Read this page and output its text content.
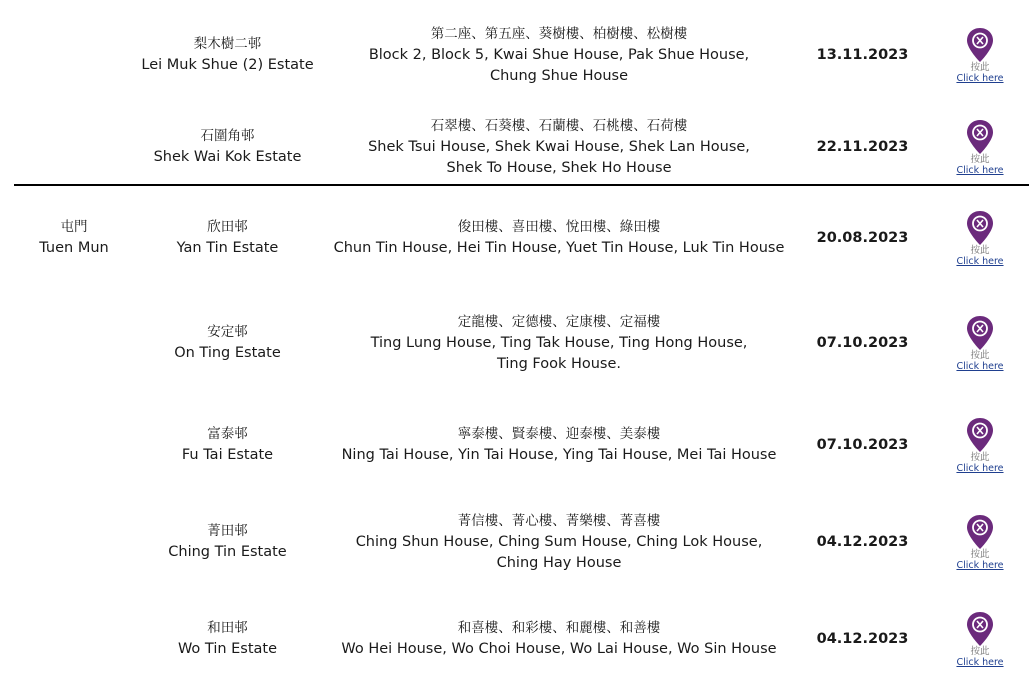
梨木樹二邨
Lei Muk Shue (2) Estate
第二座、第五座、葵樹樓、柏樹樓、松樹樓
Block 2, Block 5, Kwai Shue House, Pak Shue House,
Chung Shue House
13.11.2023
按此
Click here
石圍角邨
Shek Wai Kok Estate
石翠樓、石葵樓、石蘭樓、石桃樓、石荷樓
Shek Tsui House, Shek Kwai House, Shek Lan House,
Shek To House, Shek Ho House
22.11.2023
按此
Click here
屯門
Tuen Mun
欣田邨
Yan Tin Estate
俊田樓、喜田樓、悅田樓、綠田樓
Chun Tin House, Hei Tin House, Yuet Tin House, Luk Tin House
20.08.2023
按此
Click here
安定邨
On Ting Estate
定龍樓、定德樓、定康樓、定福樓
Ting Lung House, Ting Tak House, Ting Hong House,
Ting Fook House.
07.10.2023
按此
Click here
富泰邨
Fu Tai Estate
寧泰樓、賢泰樓、迎泰樓、美泰樓
Ning Tai House, Yin Tai House, Ying Tai House, Mei Tai House
07.10.2023
按此
Click here
菁田邨
Ching Tin Estate
菁信樓、菁心樓、菁樂樓、菁喜樓
Ching Shun House, Ching Sum House, Ching Lok House,
Ching Hay House
04.12.2023
按此
Click here
和田邨
Wo Tin Estate
和喜樓、和彩樓、和麗樓、和善樓
Wo Hei House, Wo Choi House, Wo Lai House, Wo Sin House
04.12.2023
按此
Click here
